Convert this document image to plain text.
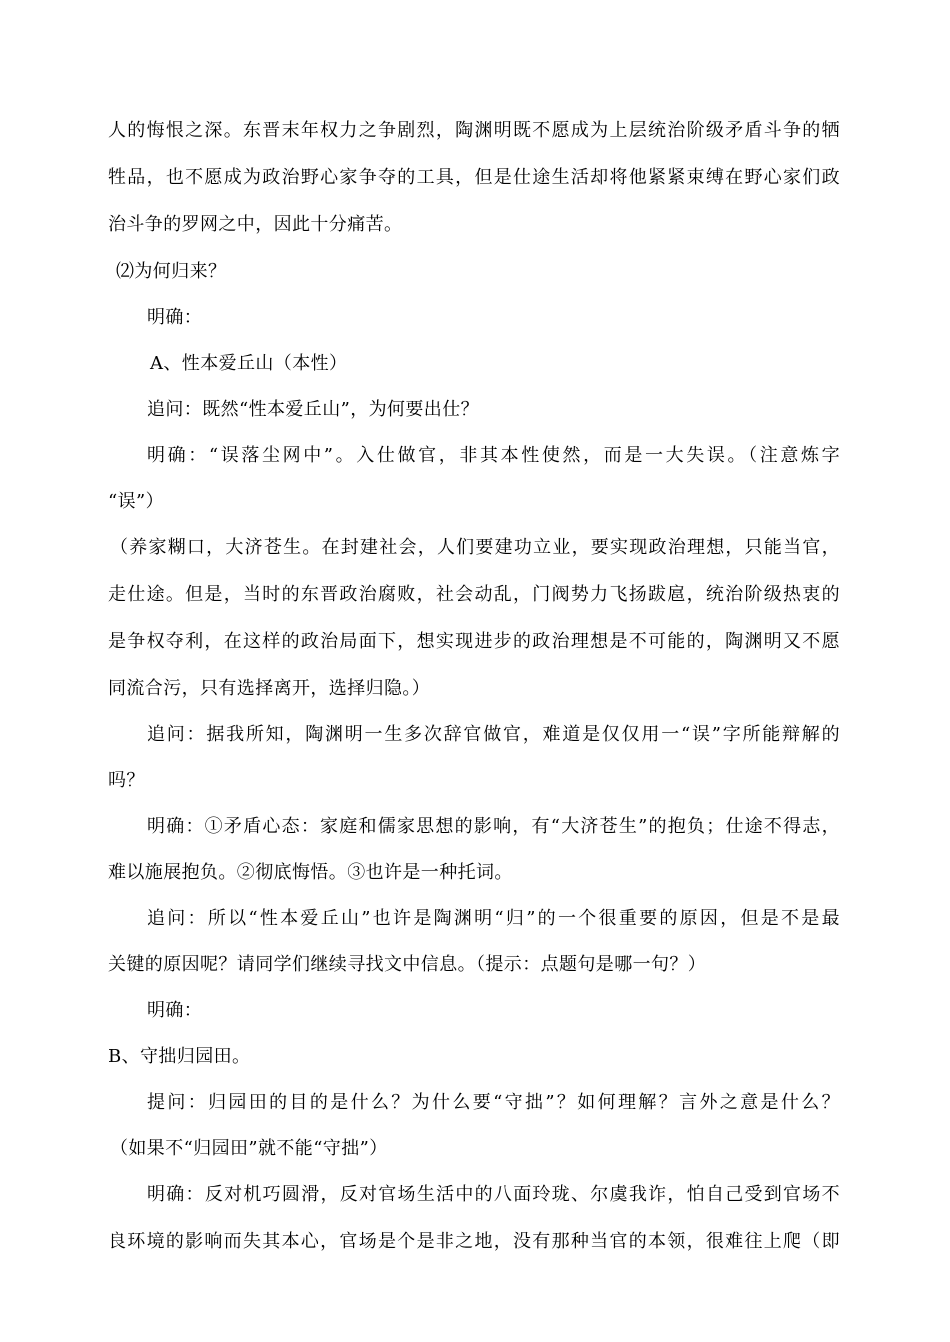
人的悔恨之深。东晋末年权力之争剧烈，陶渊明既不愿成为上层统治阶级矛盾斗争的牺
牲品，也不愿成为政治野心家争夺的工具，但是仕途生活却将他紧紧束缚在野心家们政
治斗争的罗网之中，因此十分痛苦。
⑵为何归来？
明确：
A、性本爱丘山（本性）
追问：既然“性本爱丘山”，为何要出仕？
明确：“误落尘网中”。入仕做官，非其本性使然，而是一大失误。（注意炼字
“误”）
（养家糊口，大济苍生。在封建社会，人们要建功立业，要实现政治理想，只能当官，
走仕途。但是，当时的东晋政治腐败，社会动乱，门阀势力飞扬跋扈，统治阶级热衷的
是争权夺利，在这样的政治局面下，想实现进步的政治理想是不可能的，陶渊明又不愿
同流合污，只有选择离开，选择归隐。）
追问：据我所知，陶渊明一生多次辞官做官，难道是仅仅用一“误”字所能辩解的
吗？
明确：①矛盾心态：家庭和儒家思想的影响，有“大济苍生”的抱负；仕途不得志，
难以施展抱负。②彻底悔悟。③也许是一种托词。
追问：所以“性本爱丘山”也许是陶渊明“归”的一个很重要的原因，但是不是最
关键的原因呢？请同学们继续寻找文中信息。（提示：点题句是哪一句？）
明确：
B、守拙归园田。
提问：归园田的目的是什么？为什么要“守拙”？如何理解？言外之意是什么？
（如果不“归园田”就不能“守拙”）
明确：反对机巧圆滑，反对官场生活中的八面玲珑、尔虞我诈，怕自己受到官场不
良环境的影响而失其本心，官场是个是非之地，没有那种当官的本领，很难往上爬（即
